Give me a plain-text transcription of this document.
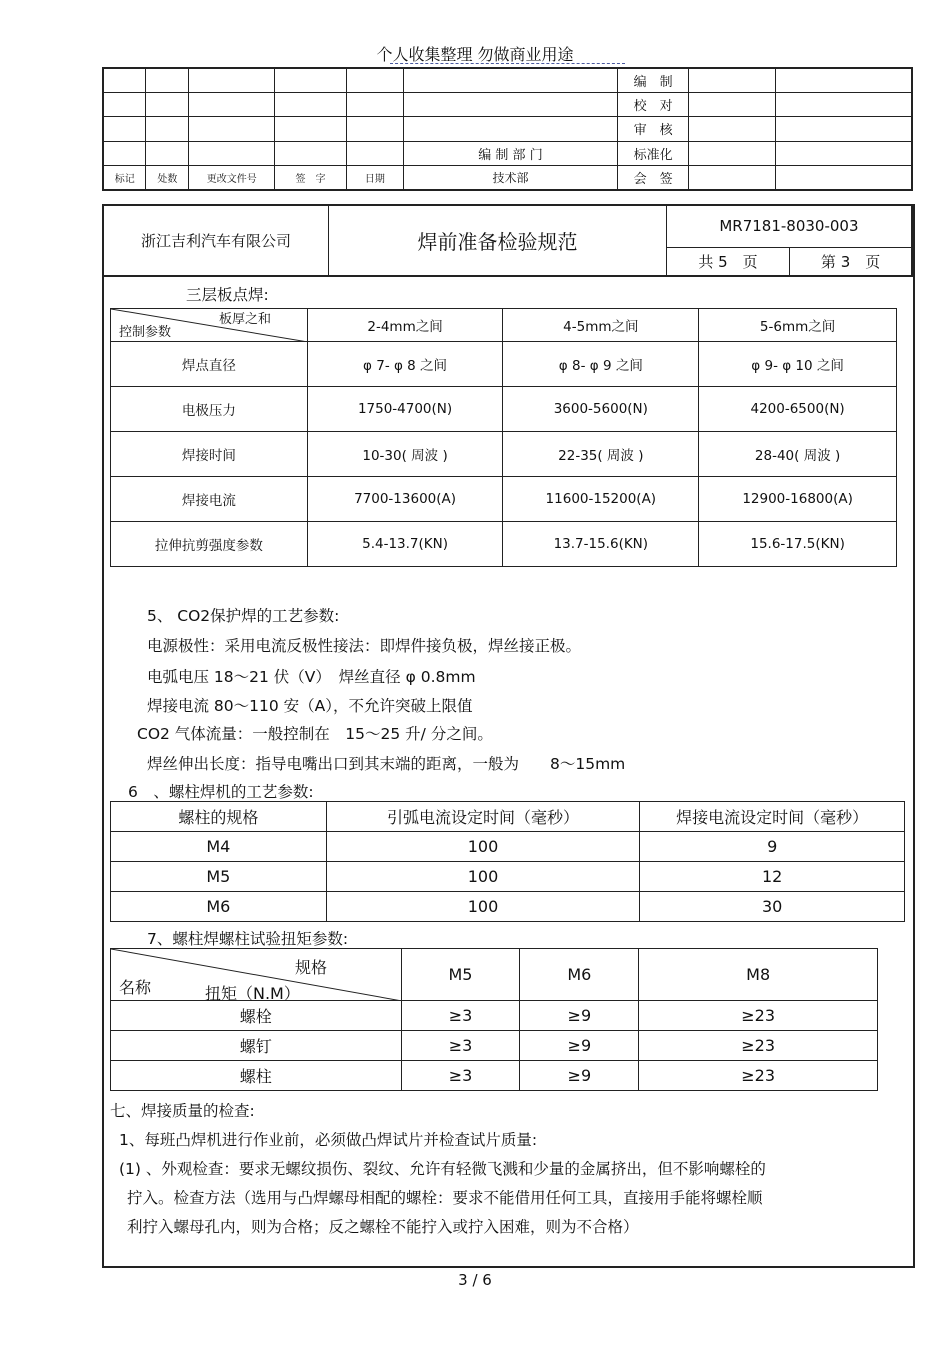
个人收集整理 勿做商业用途
						编　制		
						校　对		
						审　核		
					编 制 部 门	标准化		
标记	处数	更改文件号	签　字	日期	技术部	会　签		
浙江吉利汽车有限公司	焊前准备检验规范	MR7181-8030-003	
		共 5　页	第 3　页
三层板点焊:
板厚之和
控制参数	2-4mm之间	4-5mm之间	5-6mm之间
焊点直径	φ 7- φ 8 之间	φ 8- φ 9 之间	φ 9- φ 10 之间
电极压力	1750-4700(N)	3600-5600(N)	4200-6500(N)
焊接时间	10-30( 周波 )	22-35( 周波 )	28-40( 周波 )
焊接电流	7700-13600(A)	11600-15200(A)	12900-16800(A)
拉伸抗剪强度参数	5.4-13.7(KN)	13.7-15.6(KN)	15.6-17.5(KN)
5、 CO2保护焊的工艺参数:
电源极性：采用电流反极性接法：即焊件接负极，焊丝接正极。
电弧电压 18～21 伏（V）　焊丝直径 φ 0.8mm
焊接电流 80～110 安（A），不允许突破上限值
CO2 气体流量：一般控制在　15～25 升/ 分之间。
焊丝伸出长度：指导电嘴出口到其末端的距离，一般为　　8～15mm
6　、螺柱焊机的工艺参数:
螺柱的规格	引弧电流设定时间（毫秒）	焊接电流设定时间（毫秒）
M4	100	9
M5	100	12
M6	100	30
7、螺柱焊螺柱试验扭矩参数:
规格
名称 扭矩（N.M）	M5	M6	M8
螺栓	≥3	≥9	≥23
螺钉	≥3	≥9	≥23
螺柱	≥3	≥9	≥23
七、焊接质量的检查:
1、每班凸焊机进行作业前，必须做凸焊试片并检查试片质量:
(1) 、外观检查：要求无螺纹损伤、裂纹、允许有轻微飞溅和少量的金属挤出，但不影响螺栓的
拧入。检查方法（选用与凸焊螺母相配的螺栓：要求不能借用任何工具，直接用手能将螺栓顺
利拧入螺母孔内，则为合格；反之螺栓不能拧入或拧入困难，则为不合格）
3 / 6
